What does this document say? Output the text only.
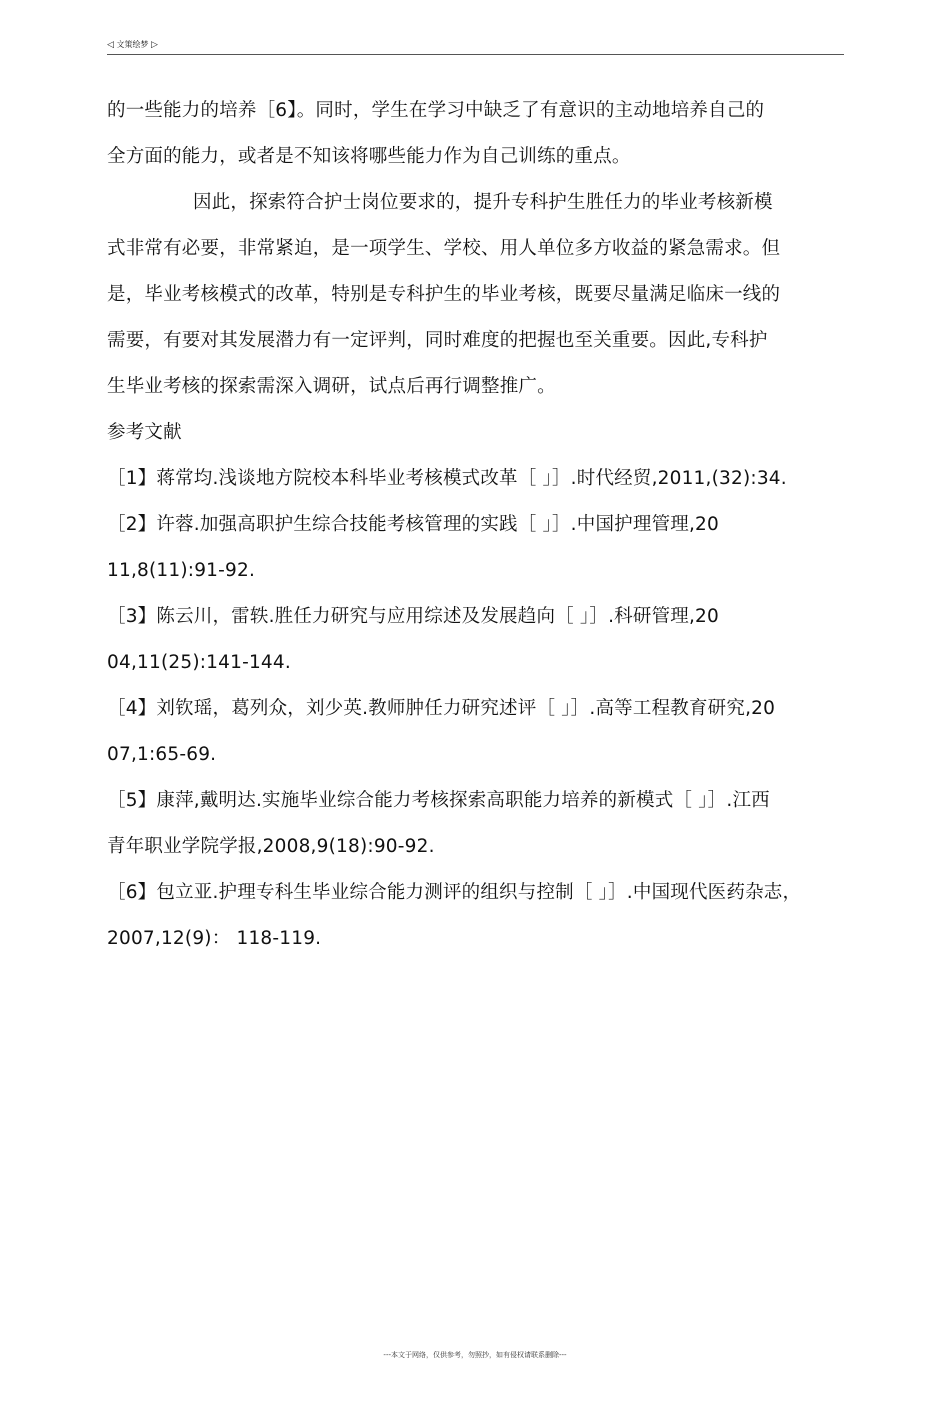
◁ 文策绘梦 ▷
的一些能力的培养［6】。同时，学生在学习中缺乏了有意识的主动地培养自己的
全方面的能力，或者是不知该将哪些能力作为自己训练的重点。
因此，探索符合护士岗位要求的，提升专科护生胜任力的毕业考核新模
式非常有必要，非常紧迫，是一项学生、学校、用人单位多方收益的紧急需求。但
是，毕业考核模式的改革，特别是专科护生的毕业考核，既要尽量满足临床一线的
需要，有要对其发展潜力有一定评判，同时难度的把握也至关重要。因此,专科护
生毕业考核的探索需深入调研，试点后再行调整推广。
参考文献
［1】蒋常均.浅谈地方院校本科毕业考核模式改革［ 」］.时代经贸,2011,(32):34.
［2】许蓉.加强高职护生综合技能考核管理的实践［ 」］.中国护理管理,20
11,8(11):91-92.
［3】陈云川，雷轶.胜任力研究与应用综述及发展趋向［ 」］.科研管理,20
04,11(25):141-144.
［4】刘钦瑶，葛列众，刘少英.教师肿任力研究述评［ 」］.高等工程教育研究,20
07,1:65-69.
［5】康萍,戴明达.实施毕业综合能力考核探索高职能力培养的新模式［ 」］.江西
青年职业学院学报,2008,9(18):90-92.
［6】包立亚.护理专科生毕业综合能力测评的组织与控制［ 」］.中国现代医药杂志，
2007,12(9)： 118-119.
---本文于网络，仅供参考，勿照抄，如有侵权请联系删除---
